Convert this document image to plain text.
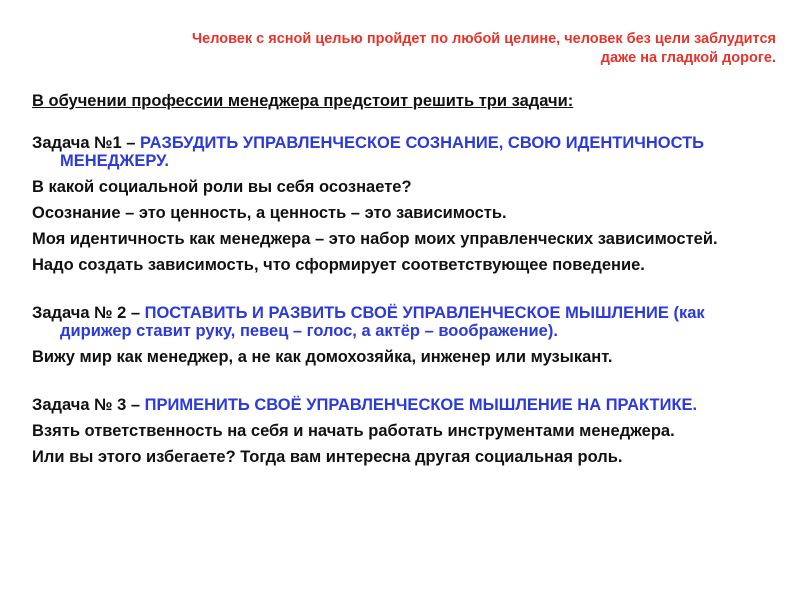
Человек с ясной целью пройдет по любой целине, человек без цели заблудится даже на гладкой дороге.
В обучении профессии менеджера предстоит решить три задачи:
Задача №1 – РАЗБУДИТЬ УПРАВЛЕНЧЕСКОЕ СОЗНАНИЕ, СВОЮ ИДЕНТИЧНОСТЬ МЕНЕДЖЕРУ.
В какой социальной роли вы себя осознаете?
Осознание – это ценность, а ценность – это зависимость.
Моя идентичность как менеджера – это набор моих управленческих зависимостей.
Надо создать зависимость, что сформирует соответствующее поведение.
Задача № 2 – ПОСТАВИТЬ И РАЗВИТЬ СВОЁ УПРАВЛЕНЧЕСКОЕ МЫШЛЕНИЕ (как дирижер ставит руку, певец – голос, а актёр – воображение).
Вижу мир как менеджер, а не как домохозяйка, инженер или музыкант.
Задача № 3 – ПРИМЕНИТЬ СВОЁ УПРАВЛЕНЧЕСКОЕ МЫШЛЕНИЕ НА ПРАКТИКЕ.
Взять ответственность на себя и начать работать инструментами менеджера.
Или вы этого избегаете? Тогда вам интересна другая социальная роль.
